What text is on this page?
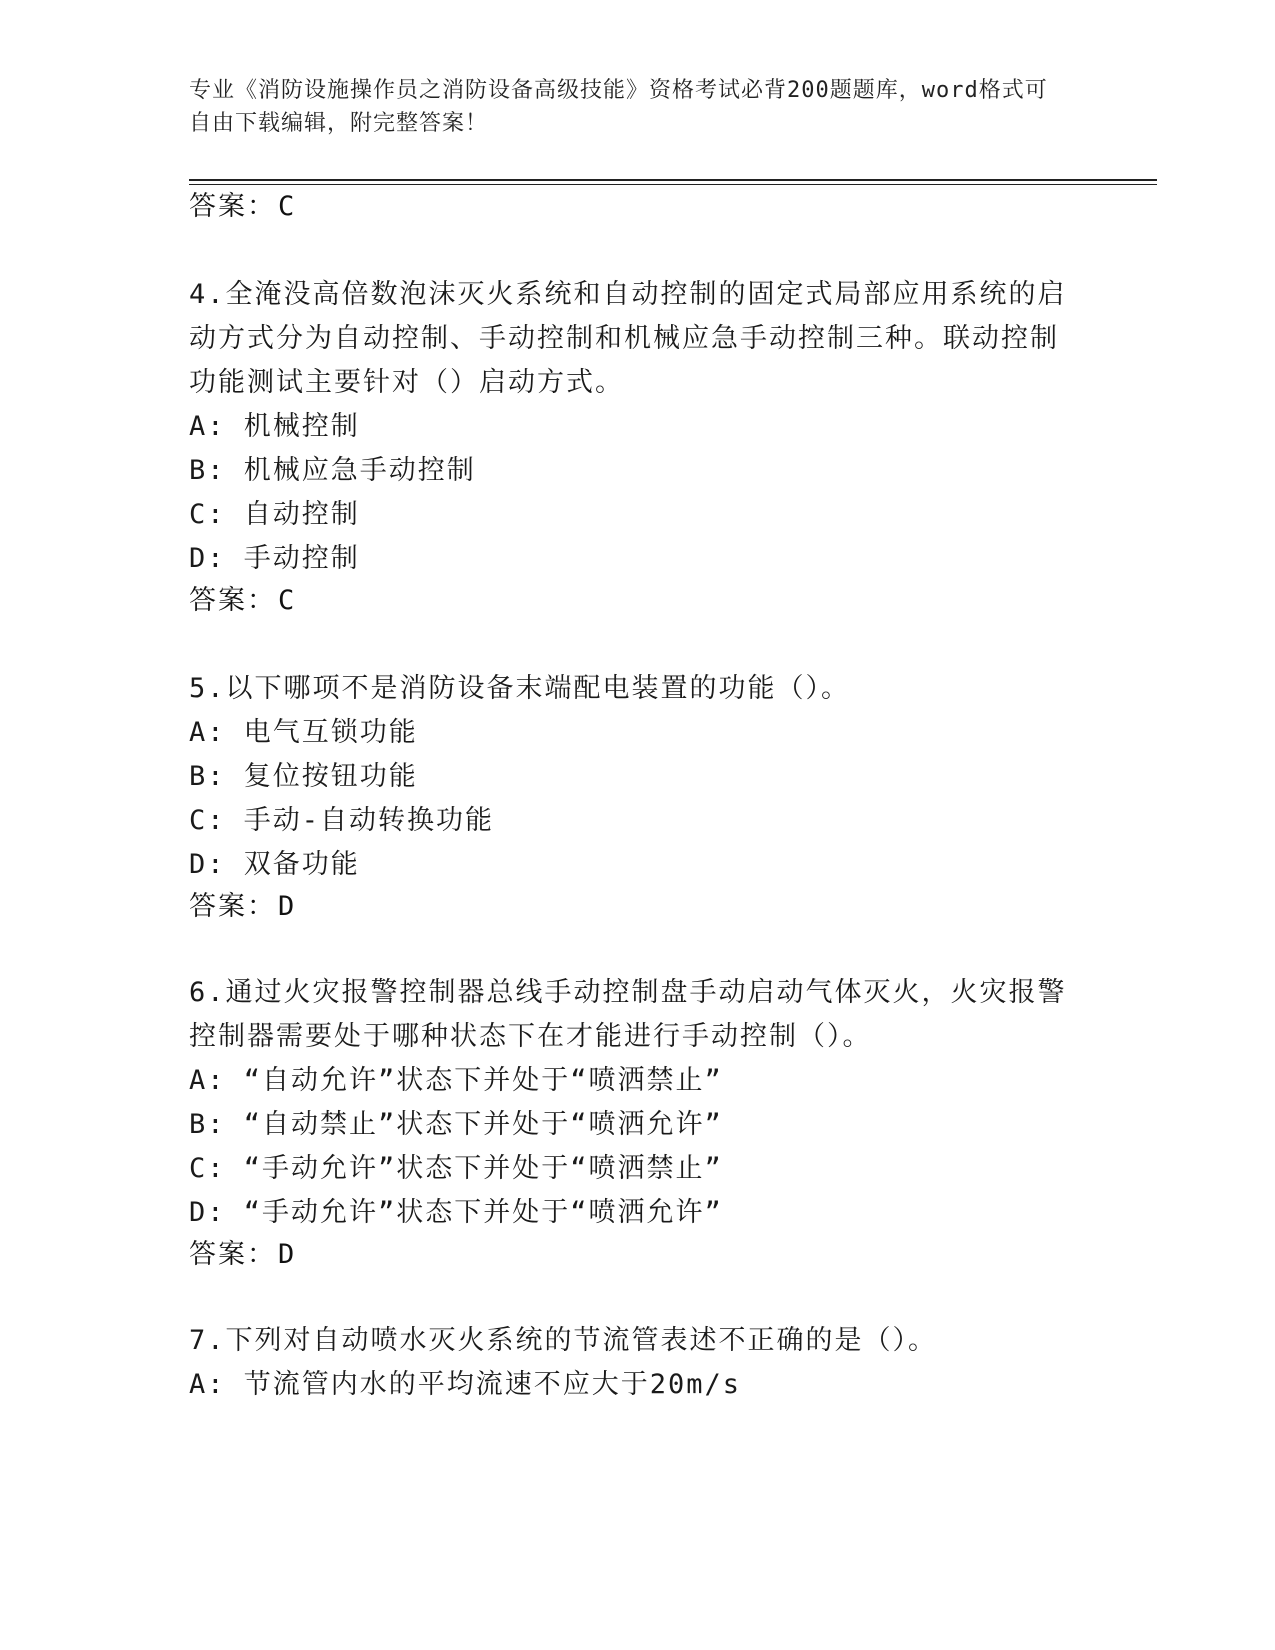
专业《消防设施操作员之消防设备高级技能》资格考试必背200题题库，word格式可自由下载编辑，附完整答案！
答案：C
4.全淹没高倍数泡沫灭火系统和自动控制的固定式局部应用系统的启
动方式分为自动控制、手动控制和机械应急手动控制三种。联动控制
功能测试主要针对（）启动方式。
A: 机械控制
B: 机械应急手动控制
C: 自动控制
D: 手动控制
答案：C
5.以下哪项不是消防设备末端配电装置的功能（）。
A: 电气互锁功能
B: 复位按钮功能
C: 手动-自动转换功能
D: 双备功能
答案：D
6.通过火灾报警控制器总线手动控制盘手动启动气体灭火，火灾报警
控制器需要处于哪种状态下在才能进行手动控制（）。
A: “自动允许”状态下并处于“喷洒禁止”
B: “自动禁止”状态下并处于“喷洒允许”
C: “手动允许”状态下并处于“喷洒禁止”
D: “手动允许”状态下并处于“喷洒允许”
答案：D
7.下列对自动喷水灭火系统的节流管表述不正确的是（）。
A: 节流管内水的平均流速不应大于20m/s
